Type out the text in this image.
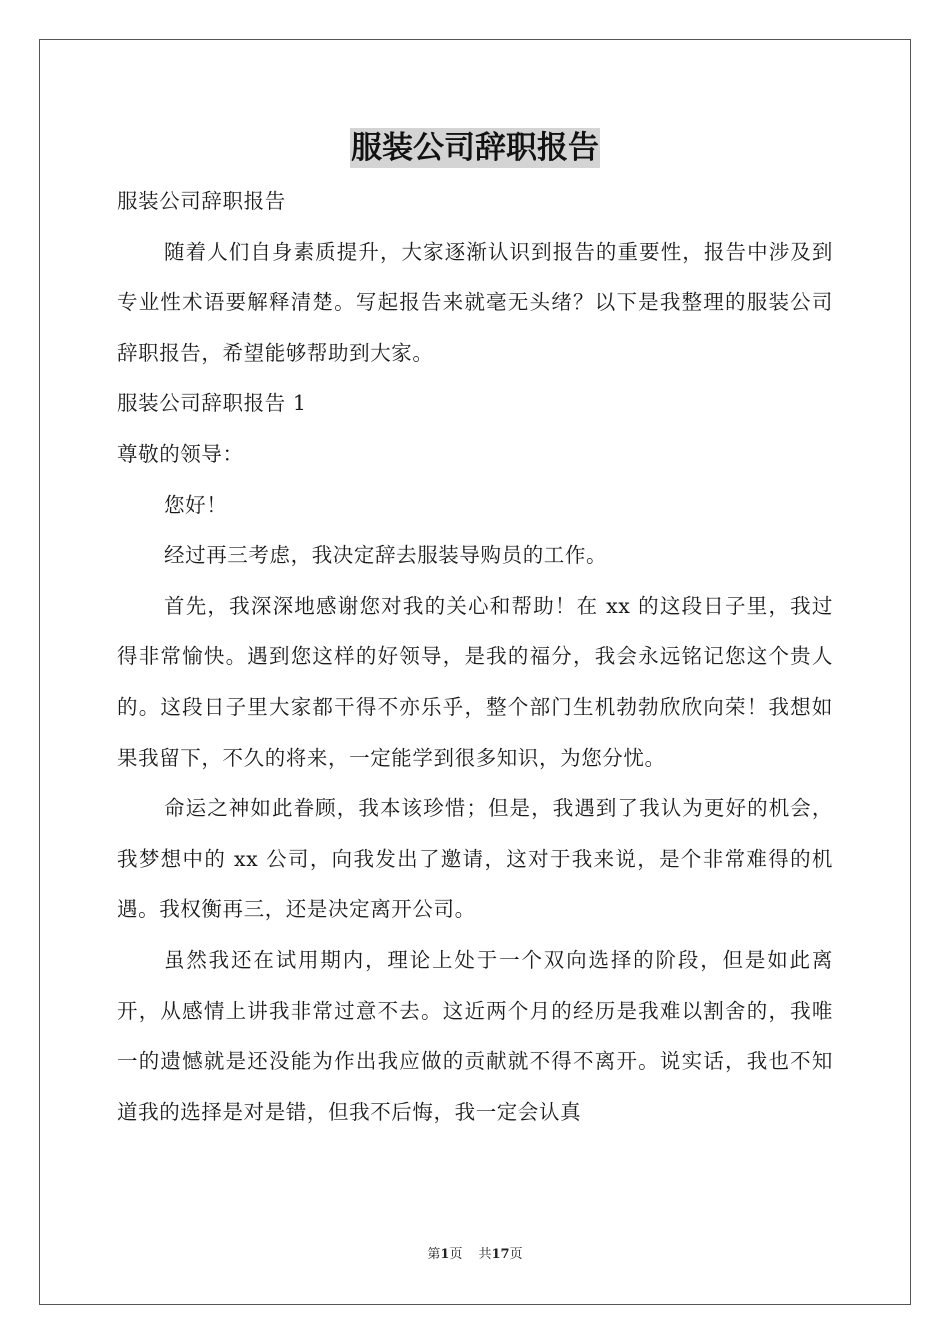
服装公司辞职报告

服装公司辞职报告

随着人们自身素质提升，大家逐渐认识到报告的重要性，报告中涉及到专业性术语要解释清楚。写起报告来就毫无头绪？以下是我整理的服装公司辞职报告，希望能够帮助到大家。

服装公司辞职报告 1

尊敬的领导：

您好！

经过再三考虑，我决定辞去服装导购员的工作。

首先，我深深地感谢您对我的关心和帮助！在 xx 的这段日子里，我过得非常愉快。遇到您这样的好领导，是我的福分，我会永远铭记您这个贵人的。这段日子里大家都干得不亦乐乎，整个部门生机勃勃欣欣向荣！我想如果我留下，不久的将来，一定能学到很多知识，为您分忧。

命运之神如此眷顾，我本该珍惜；但是，我遇到了我认为更好的机会，我梦想中的 xx 公司，向我发出了邀请，这对于我来说，是个非常难得的机遇。我权衡再三，还是决定离开公司。

虽然我还在试用期内，理论上处于一个双向选择的阶段，但是如此离开，从感情上讲我非常过意不去。这近两个月的经历是我难以割舍的，我唯一的遗憾就是还没能为作出我应做的贡献就不得不离开。说实话，我也不知道我的选择是对是错，但我不后悔，我一定会认真

第1页 共17页
